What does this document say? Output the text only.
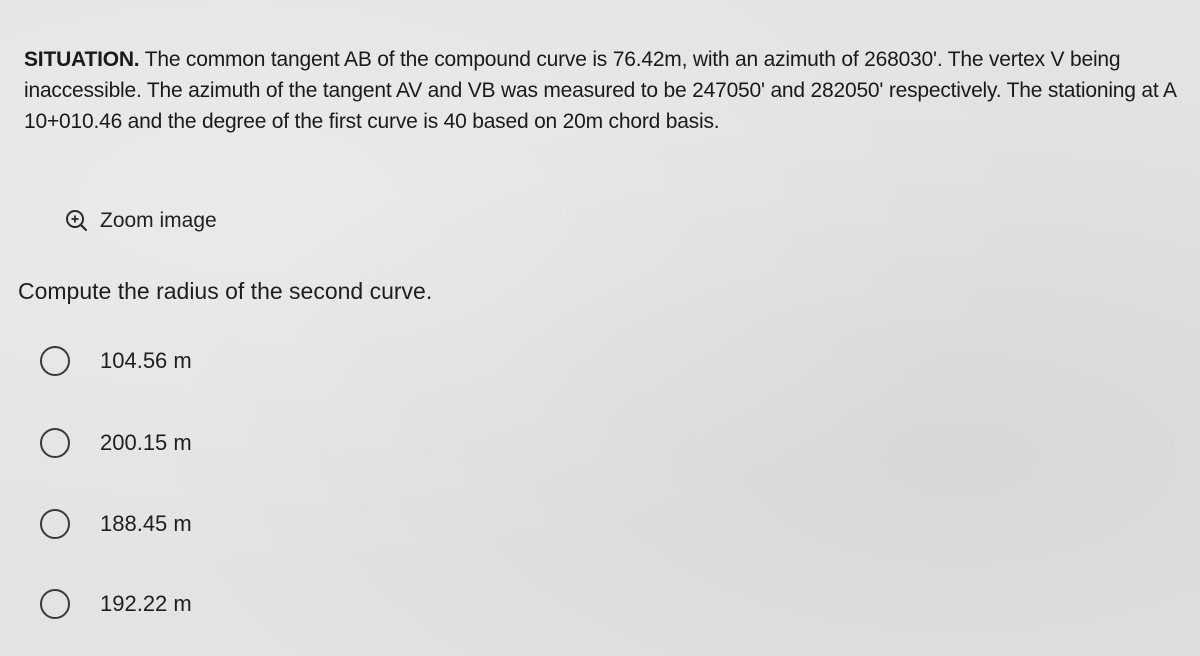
SITUATION. The common tangent AB of the compound curve is 76.42m, with an azimuth of 268030'. The vertex V being inaccessible. The azimuth of the tangent AV and VB was measured to be 247050' and 282050' respectively. The stationing at A 10+010.46 and the degree of the first curve is 40 based on 20m chord basis.
Zoom image
Compute the radius of the second curve.
104.56 m
200.15 m
188.45 m
192.22 m
